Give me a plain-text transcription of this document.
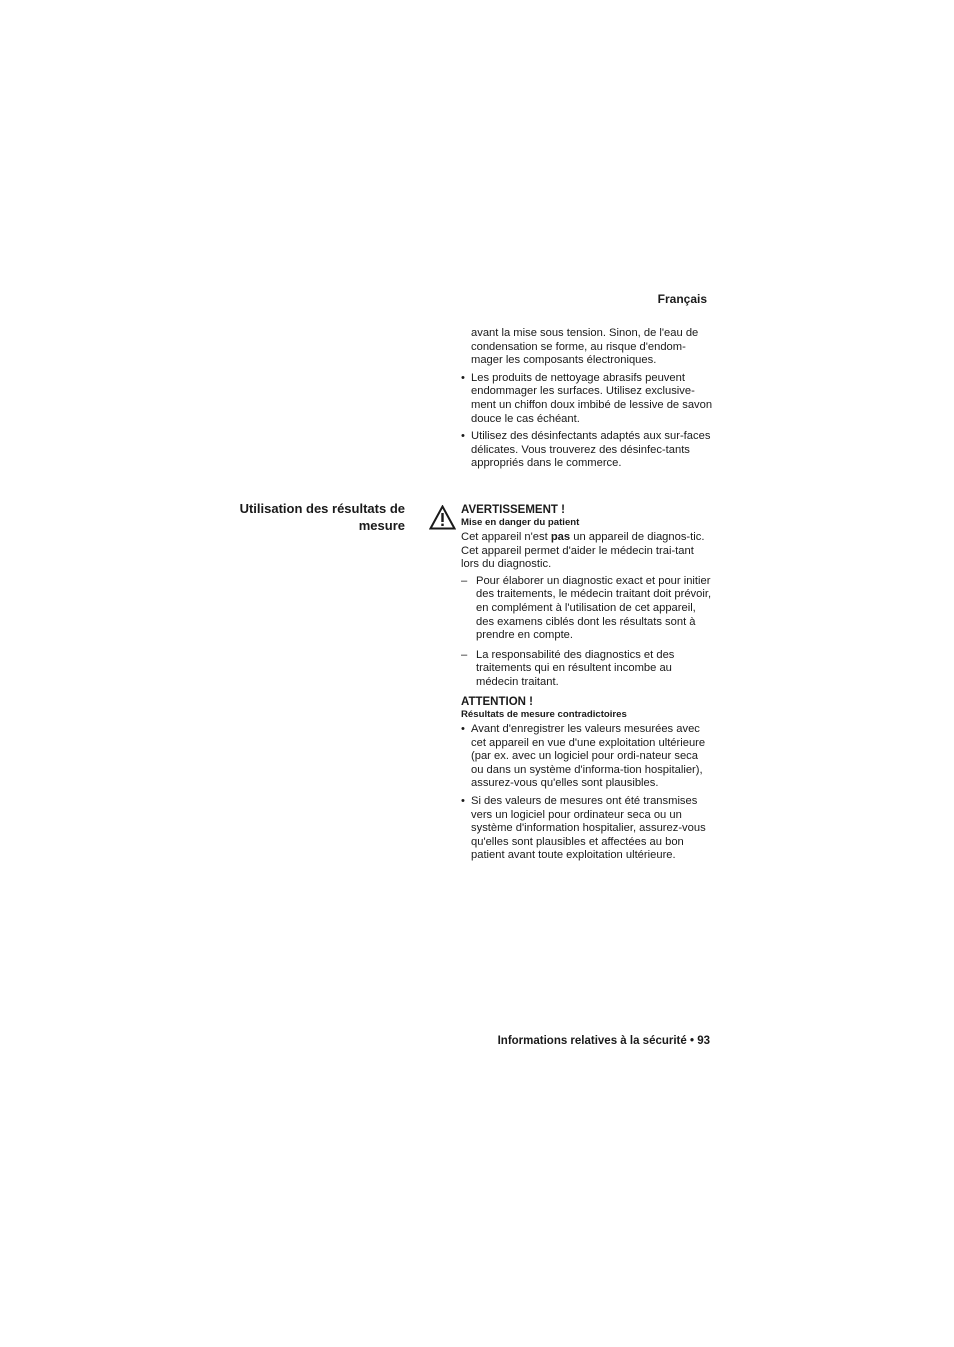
Français

avant la mise sous tension. Sinon, de l'eau de condensation se forme, au risque d'endom-mager les composants électroniques.

• Les produits de nettoyage abrasifs peuvent endommager les surfaces. Utilisez exclusive-ment un chiffon doux imbibé de lessive de savon douce le cas échéant.

• Utilisez des désinfectants adaptés aux sur-faces délicates. Vous trouverez des désinfec-tants appropriés dans le commerce.

Utilisation des résultats de mesure

AVERTISSEMENT !

Mise en danger du patient

Cet appareil n'est pas un appareil de diagnos-tic. Cet appareil permet d'aider le médecin trai-tant lors du diagnostic.

– Pour élaborer un diagnostic exact et pour initier des traitements, le médecin traitant doit prévoir, en complément à l'utilisation de cet appareil, des examens ciblés dont les résultats sont à prendre en compte.

– La responsabilité des diagnostics et des traitements qui en résultent incombe au médecin traitant.

ATTENTION !

Résultats de mesure contradictoires

• Avant d'enregistrer les valeurs mesurées avec cet appareil en vue d'une exploitation ultérieure (par ex. avec un logiciel pour ordi-nateur seca ou dans un système d'informa-tion hospitalier), assurez-vous qu'elles sont plausibles.

• Si des valeurs de mesures ont été transmises vers un logiciel pour ordinateur seca ou un système d'information hospitalier, assurez-vous qu'elles sont plausibles et affectées au bon patient avant toute exploitation ultérieure.

Informations relatives à la sécurité • 93
